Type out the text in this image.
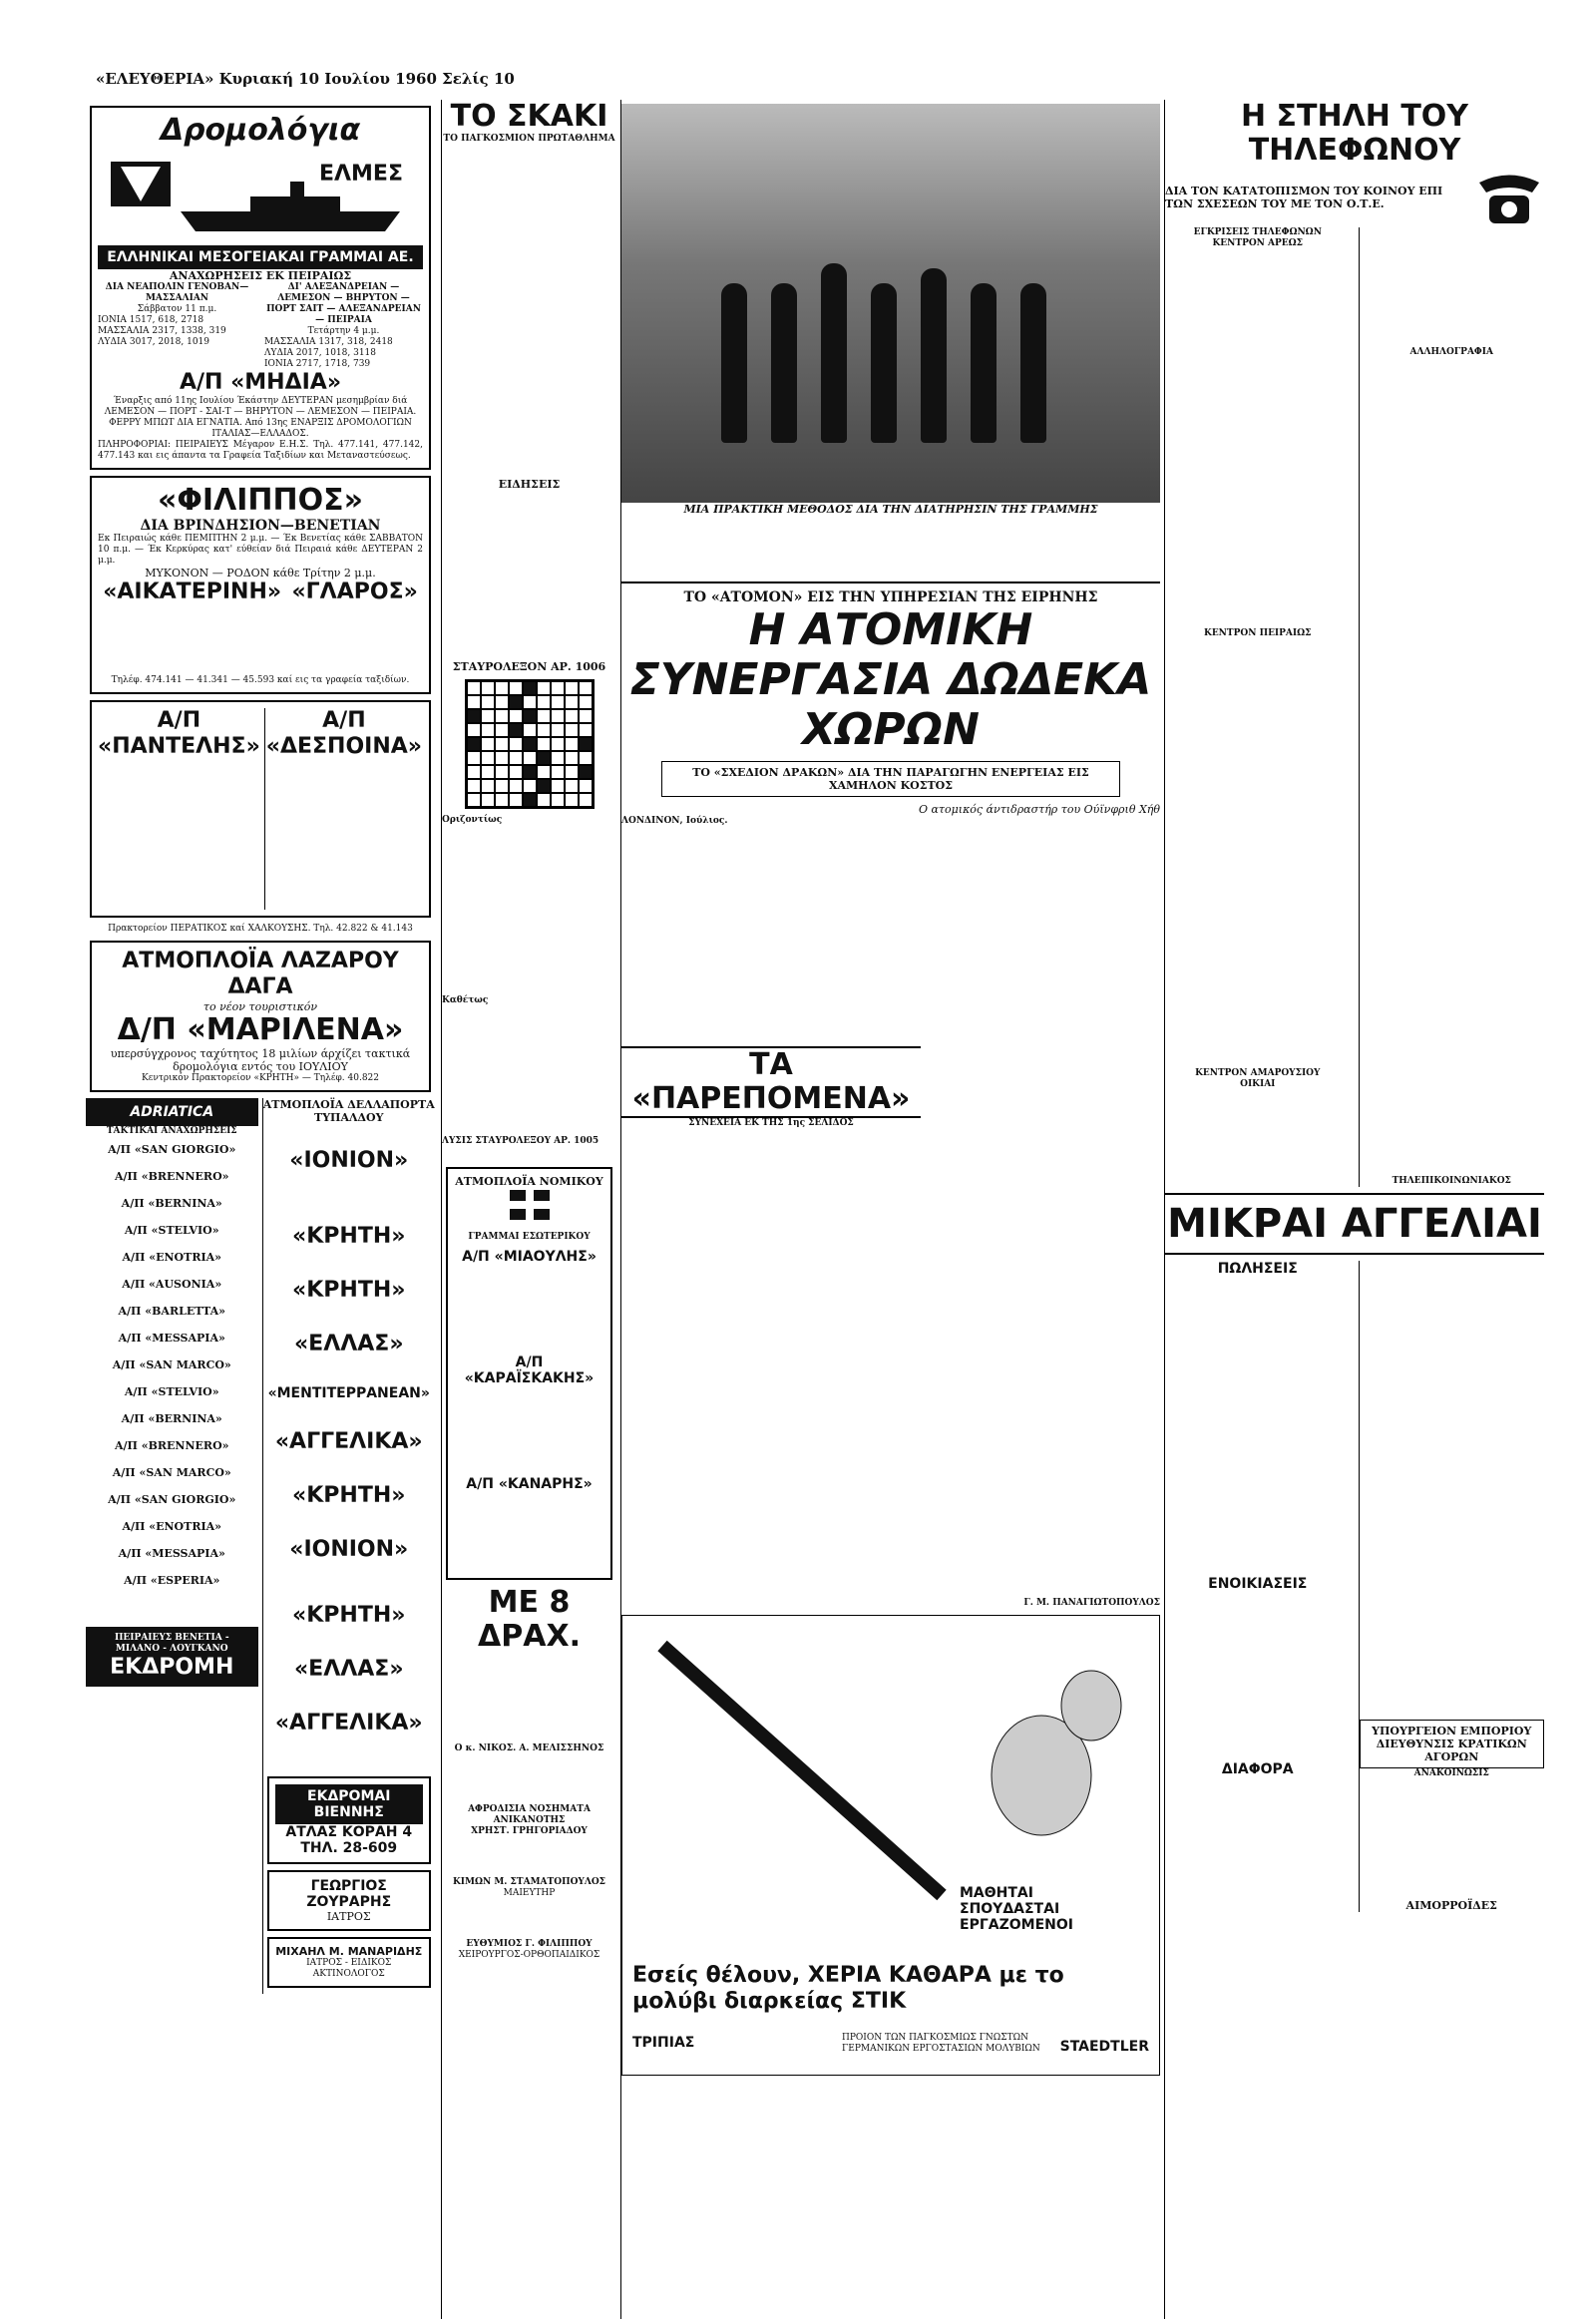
«ΕΛΕΥΘΕΡΙΑ» Κυριακή 10 Ιουλίου 1960 Σελίς 10
Δρομολόγια
ΕΛΜΕΣ
ΕΛΛΗΝΙΚΑΙ ΜΕΣΟΓΕΙΑΚΑΙ ΓΡΑΜΜΑΙ ΑΕ.
ΑΝΑΧΩΡΗΣΕΙΣ ΕΚ ΠΕΙΡΑΙΩΣ
ΔΙΑ ΝΕΑΠΟΛΙΝ ΓΕΝΟΒΑΝ—ΜΑΣΣΑΛΙΑΝ
Σάββατον 11 π.μ.
ΙΟΝΙΑ 1517, 618, 2718
ΜΑΣΣΑΛΙΑ 2317, 1338, 319
ΛΥΔΙΑ 3017, 2018, 1019
ΔΙ' ΑΛΕΞΑΝΔΡΕΙΑΝ — ΛΕΜΕΣΟΝ — ΒΗΡΥΤΟΝ — ΠΟΡΤ ΣΑΙΤ — ΑΛΕΞΑΝΔΡΕΙΑΝ — ΠΕΙΡΑΙΑ
Τετάρτην 4 μ.μ.
ΜΑΣΣΑΛΙΑ 1317, 318, 2418
ΛΥΔΙΑ 2017, 1018, 3118
ΙΟΝΙΑ 2717, 1718, 739
Α/Π «ΜΗΔΙΑ»
Έναρξις από 11ης Ιουλίου Έκάστην ΔΕΥΤΕΡΑΝ μεσημβρίαν διά ΛΕΜΕΣΟΝ — ΠΟΡΤ - ΣΑΙ-Τ — ΒΗΡΥΤΟΝ — ΛΕΜΕΣΟΝ — ΠΕΙΡΑΙΑ.
ΦΕΡΡΥ ΜΠΩΤ ΔΙΑ ΕΓΝΑΤΙΑ. Από 13ης ΕΝΑΡΞΙΣ ΔΡΟΜΟΛΟΓΙΩΝ ΙΤΑΛΙΑΣ—ΕΛΛΑΔΟΣ.
ΠΛΗΡΟΦΟΡΙΑΙ: ΠΕΙΡΑΙΕΥΣ Μέγαρον Ε.Η.Σ. Τηλ. 477.141, 477.142, 477.143 και εις άπαντα τα Γραφεία Ταξιδίων και Μεταναστεύσεως.
«ΦΙΛΙΠΠΟΣ»
ΔΙΑ ΒΡΙΝΔΗΣΙΟΝ—ΒΕΝΕΤΙΑΝ
Εκ Πειραιώς κάθε ΠΕΜΠΤΗΝ 2 μ.μ. — Έκ Βενετίας κάθε ΣΑΒΒΑΤΟΝ 10 π.μ. — Έκ Κερκύρας κατ' εύθείαν διά Πειραιά κάθε ΔΕΥΤΕΡΑΝ 2 μ.μ.
ΜΥΚΟΝΟΝ — ΡΟΔΟΝ κάθε Τρίτην 2 μ.μ.
«ΑΙΚΑΤΕΡΙΝΗ» «ΓΛΑΡΟΣ»
Τηλέφ. 474.141 — 41.341 — 45.593 καί εις τα γραφεία ταξιδίων.
Α/Π «ΠΑΝΤΕΛΗΣ»
Α/Π «ΔΕΣΠΟΙΝΑ»
Πρακτορείον ΠΕΡΑΤΙΚΟΣ καί ΧΑΛΚΟΥΣΗΣ. Τηλ. 42.822 & 41.143
ΑΤΜΟΠΛΟΪΑ ΛΑΖΑΡΟΥ ΔΑΓΑ
το νέον τουριστικόν
Δ/Π «ΜΑΡΙΛΕΝΑ»
υπερσύγχρονος ταχύτητος 18 μιλίων άρχίζει τακτικά δρομολόγια εντός του ΙΟΥΛΙΟΥ
Κεντρικόν Πρακτορείον «ΚΡΗΤΗ» — Τηλέφ. 40.822
ADRIATICA
ΤΑΚΤΙΚΑΙ ΑΝΑΧΩΡΗΣΕΙΣ
Α/Π «SAN GIORGIO»
Α/Π «BRENNERO»
Α/Π «BERNINA»
Α/Π «STELVIO»
Α/Π «ENOTRIA»
Α/Π «AUSONIA»
Α/Π «BARLETTA»
Α/Π «MESSAPIA»
Α/Π «SAN MARCO»
Α/Π «STELVIO»
Α/Π «BERNINA»
Α/Π «BRENNERO»
Α/Π «SAN MARCO»
Α/Π «SAN GIORGIO»
Α/Π «ENOTRIA»
Α/Π «MESSAPIA»
Α/Π «ESPERIA»
ΠΕΙΡΑΙΕΥΣ ΒΕΝΕΤΙΑ - ΜΙΛΑΝΟ - ΛΟΥΓΚΑΝΟ
ΕΚΔΡΟΜΗ
ΑΤΜΟΠΛΟΪΑ ΔΕΛΛΑΠΟΡΤΑ ΤΥΠΑΛΔΟΥ
«ΙΟΝΙΟΝ»
«ΚΡΗΤΗ»
«ΚΡΗΤΗ»
«ΕΛΛΑΣ»
«ΜΕΝΤΙΤΕΡΡΑΝΕΑΝ»
«ΑΓΓΕΛΙΚΑ»
«ΚΡΗΤΗ»
«ΙΟΝΙΟΝ»
«ΚΡΗΤΗ»
«ΕΛΛΑΣ»
«ΑΓΓΕΛΙΚΑ»
ΕΚΔΡΟΜΑΙ ΒΙΕΝΝΗΣ
ΑΤΛΑΣ ΚΟΡΑΗ 4 ΤΗΛ. 28-609
ΓΕΩΡΓΙΟΣ ΖΟΥΡΑΡΗΣ
ΙΑΤΡΟΣ
ΜΙΧΑΗΛ Μ. ΜΑΝΑΡΙΔΗΣ
ΙΑΤΡΟΣ - ΕΙΔΙΚΟΣ ΑΚΤΙΝΟΛΟΓΟΣ
ΤΟ ΣΚΑΚΙ
ΤΟ ΠΑΓΚΟΣΜΙΟΝ ΠΡΩΤΑΘΛΗΜΑ
ΕΙΔΗΣΕΙΣ
ΣΤΑΥΡΟΛΕΞΟΝ ΑΡ. 1006
Οριζοντίως
Καθέτως
ΛΥΣΙΣ ΣΤΑΥΡΟΛΕΞΟΥ ΑΡ. 1005
ΑΤΜΟΠΛΟΪΑ ΝΟΜΙΚΟΥ
ΓΡΑΜΜΑΙ ΕΣΩΤΕΡΙΚΟΥ
Α/Π «ΜΙΑΟΥΛΗΣ»
Α/Π «ΚΑΡΑΪΣΚΑΚΗΣ»
Α/Π «ΚΑΝΑΡΗΣ»
ΜΕ 8 ΔΡΑΧ.
Ο κ. ΝΙΚΟΣ. Α. ΜΕΛΙΣΣΗΝΟΣ
ΑΦΡΟΔΙΣΙΑ ΝΟΣΗΜΑΤΑ ΑΝΙΚΑΝΟΤΗΣ
ΧΡΗΣΤ. ΓΡΗΓΟΡΙΑΔΟΥ
ΚΙΜΩΝ Μ. ΣΤΑΜΑΤΟΠΟΥΛΟΣ
ΜΑΙΕΥΤΗΡ
ΕΥΘΥΜΙΟΣ Γ. ΦΙΛΙΠΠΟΥ
ΧΕΙΡΟΥΡΓΟΣ-ΟΡΘΟΠΑΙΔΙΚΟΣ
ΜΙΑ ΠΡΑΚΤΙΚΗ ΜΕΘΟΔΟΣ ΔΙΑ ΤΗΝ ΔΙΑΤΗΡΗΣΙΝ ΤΗΣ ΓΡΑΜΜΗΣ
ΤΟ «ΑΤΟΜΟΝ» ΕΙΣ ΤΗΝ ΥΠΗΡΕΣΙΑΝ ΤΗΣ ΕΙΡΗΝΗΣ
Η ΑΤΟΜΙΚΗ ΣΥΝΕΡΓΑΣΙΑ ΔΩΔΕΚΑ ΧΩΡΩΝ
ΤΟ «ΣΧΕΔΙΟΝ ΔΡΑΚΩΝ» ΔΙΑ ΤΗΝ ΠΑΡΑΓΩΓΗΝ ΕΝΕΡΓΕΙΑΣ ΕΙΣ ΧΑΜΗΛΟΝ ΚΟΣΤΟΣ
Ο ατομικός άντιδραστήρ του Ούϊνφριθ Χήθ
ΛΟΝΔΙΝΟΝ, Ιούλιος.
ΤΑ «ΠΑΡΕΠΟΜΕΝΑ»
ΣΥΝΕΧΕΙΑ ΕΚ ΤΗΣ 1ης ΣΕΛΙΔΟΣ
Γ. Μ. ΠΑΝΑΓΙΩΤΟΠΟΥΛΟΣ
ΜΑΘΗΤΑΙ ΣΠΟΥΔΑΣΤΑΙ ΕΡΓΑΖΟΜΕΝΟΙ
Εσείς θέλουν, ΧΕΡΙΑ ΚΑΘΑΡΑ με το μολύβι διαρκείας ΣΤΙΚ
ΤΡΙΠΙΑΣ	ΠΡΟΙΟΝ ΤΩΝ ΠΑΓΚΟΣΜΙΩΣ ΓΝΩΣΤΩΝ ΓΕΡΜΑΝΙΚΩΝ ΕΡΓΟΣΤΑΣΙΩΝ ΜΟΛΥΒΙΩΝ	STAEDTLER
Η ΣΤΗΛΗ ΤΟΥ ΤΗΛΕΦΩΝΟΥ
ΔΙΑ ΤΟΝ ΚΑΤΑΤΟΠΙΣΜΟΝ ΤΟΥ ΚΟΙΝΟΥ ΕΠΙ ΤΩΝ ΣΧΕΣΕΩΝ ΤΟΥ ΜΕ ΤΟΝ Ο.Τ.Ε.
ΕΓΚΡΙΣΕΙΣ ΤΗΛΕΦΩΝΩΝ
ΚΕΝΤΡΟΝ ΑΡΕΩΣ
ΚΕΝΤΡΟΝ ΠΕΙΡΑΙΩΣ
ΚΕΝΤΡΟΝ ΑΜΑΡΟΥΣΙΟΥ
ΟΙΚΙΑΙ
ΑΛΛΗΛΟΓΡΑΦΙΑ
ΤΗΛΕΠΙΚΟΙΝΩΝΙΑΚΟΣ
ΜΙΚΡΑΙ ΑΓΓΕΛΙΑΙ
ΠΩΛΗΣΕΙΣ
ΕΝΟΙΚΙΑΣΕΙΣ
ΔΙΑΦΟΡΑ
ΥΠΟΥΡΓΕΙΟΝ ΕΜΠΟΡΙΟΥ ΔΙΕΥΘΥΝΣΙΣ ΚΡΑΤΙΚΩΝ ΑΓΟΡΩΝ
ΑΝΑΚΟΙΝΩΣΙΣ
ΑΙΜΟΡΡΟΪΔΕΣ
